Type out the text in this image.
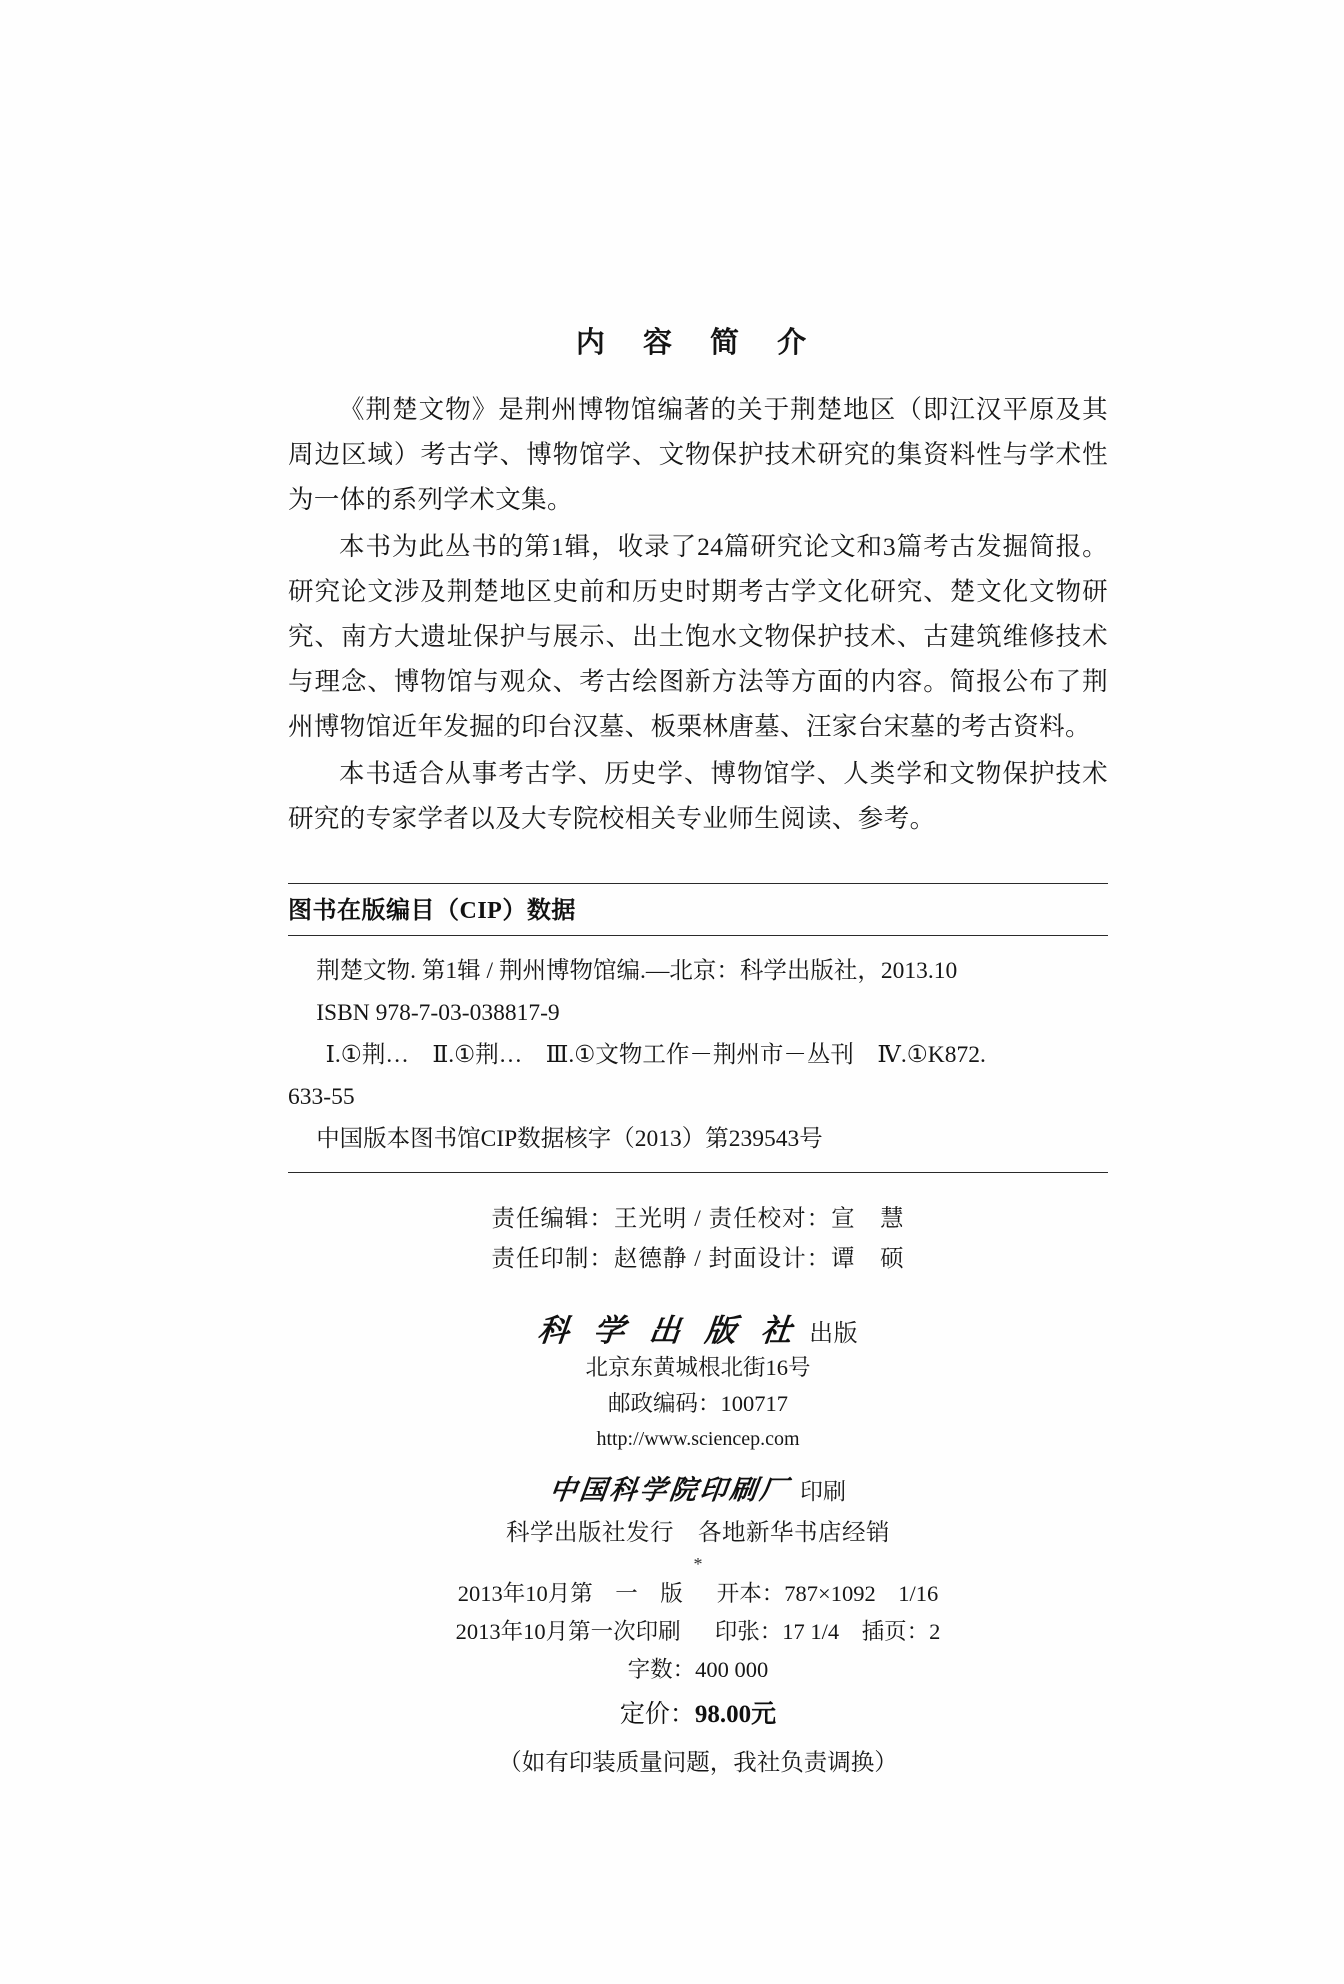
内 容 简 介

《荆楚文物》是荆州博物馆编著的关于荆楚地区（即江汉平原及其周边区域）考古学、博物馆学、文物保护技术研究的集资料性与学术性为一体的系列学术文集。

本书为此丛书的第1辑，收录了24篇研究论文和3篇考古发掘简报。研究论文涉及荆楚地区史前和历史时期考古学文化研究、楚文化文物研究、南方大遗址保护与展示、出土饱水文物保护技术、古建筑维修技术与理念、博物馆与观众、考古绘图新方法等方面的内容。简报公布了荆州博物馆近年发掘的印台汉墓、板栗林唐墓、汪家台宋墓的考古资料。

本书适合从事考古学、历史学、博物馆学、人类学和文物保护技术研究的专家学者以及大专院校相关专业师生阅读、参考。

图书在版编目（CIP）数据
荆楚文物. 第1辑 / 荆州博物馆编.—北京：科学出版社，2013.10
ISBN 978-7-03-038817-9
Ⅰ.①荆…　Ⅱ.①荆…　Ⅲ.①文物工作－荆州市－丛刊　Ⅳ.①K872.
633-55
中国版本图书馆CIP数据核字（2013）第239543号
责任编辑：王光明 / 责任校对：宣　慧
责任印制：赵德静 / 封面设计：谭　硕
科 学 出 版 社 出版
北京东黄城根北街16号
邮政编码：100717
http://www.sciencep.com
中国科学院印刷厂 印刷
科学出版社发行　各地新华书店经销
*
2013年10月第　一　版 开本：787×1092　1/16
2013年10月第一次印刷 印张：17 1/4　插页：2
字数：400 000
定价：98.00元
（如有印装质量问题，我社负责调换）
